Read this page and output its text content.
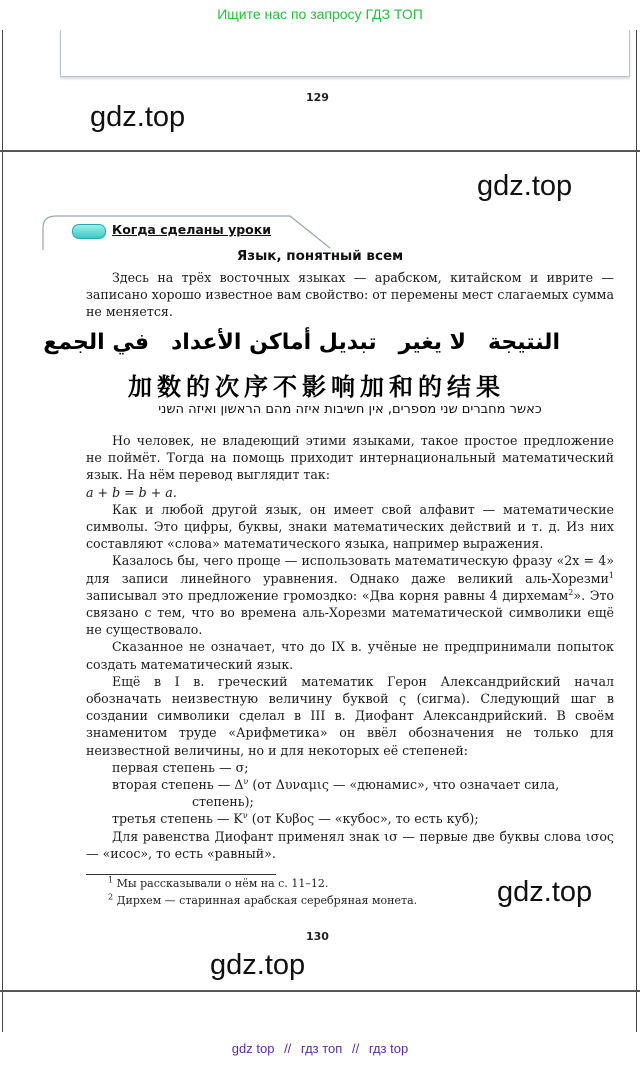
Ищите нас по запросу ГДЗ ТОП
129
gdz.top
gdz.top
Когда сделаны уроки
Язык, понятный всем

Здесь на трёх восточных языках — арабском, китайском и иврите — записано хорошо известное вам свойство: от перемены мест слагаемых сумма не меняется.

النتيجةلا يغيرتبديل أماكن الأعدادفي الجمع
加数的次序不影响加和的结果
כאשר מחברים שני מספרים, אין חשיבות איזה מהם הראשון ואיזה השני

Но человек, не владеющий этими языками, такое простое предложение не поймёт. Тогда на помощь приходит интернациональный математический язык. На нём перевод выглядит так:

a + b = b + a.

Как и любой другой язык, он имеет свой алфавит — математические символы. Это цифры, буквы, знаки математических действий и т. д. Из них составляют «слова» математического языка, например выражения.

Казалось бы, чего проще — использовать математическую фразу «2x = 4» для записи линейного уравнения. Однако даже великий аль-Хорезми$^1$ записывал это предложение громоздко: «Два корня равны 4 дирхемам$^2$». Это связано с тем, что во времена аль-Хорезми математической символики ещё не существовало.

Сказанное не означает, что до IX в. учёные не предпринимали попыток создать математический язык.

Ещё в I в. греческий математик Герон Александрийский начал обозначать неизвестную величину буквой ς (сигма). Следующий шаг в создании символики сделал в III в. Диофант Александрийский. В своём знаменитом труде «Арифметика» он ввёл обозначения не только для неизвестной величины, но и для некоторых её степеней:

первая степень — σ;

вторая степень — $\Delta^\nu$ (от Δυναμις — «дюнамис», что означает сила,

степень);

третья степень — $K^\nu$ (от Kυβος — «кубос», то есть куб);

Для равенства Диофант применял знак ισ — первые две буквы слова ισος — «исос», то есть «равный».

$^1$ Мы рассказывали о нём на с. 11–12.
$^2$ Дирхем — старинная арабская серебряная монета.	gdz.top
130
gdz.top
gdz top // гдз топ // гдз top
